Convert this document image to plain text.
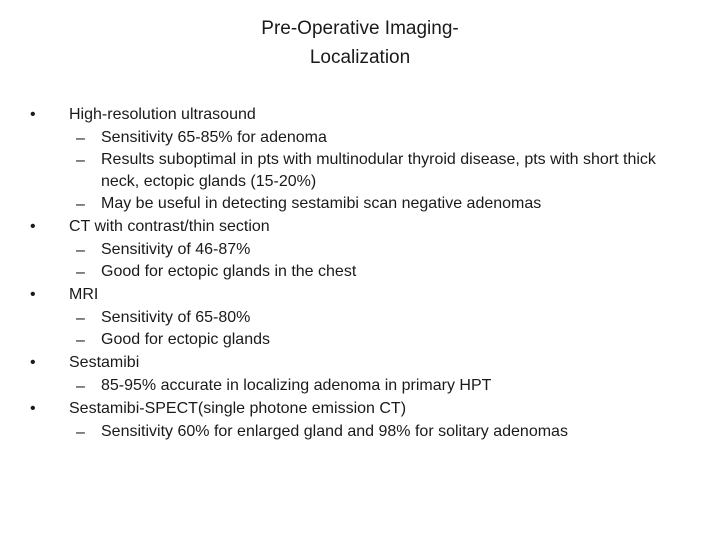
Pre-Operative Imaging-
Localization
•	High-resolution ultrasound
–	Sensitivity 65-85% for adenoma
–	Results suboptimal in pts with multinodular thyroid disease, pts with short thick neck, ectopic glands (15-20%)
–	May be useful in detecting sestamibi scan negative adenomas
•	CT with contrast/thin section
–	Sensitivity of 46-87%
–	Good for ectopic glands in the chest
•	MRI
–	Sensitivity of 65-80%
–	Good for ectopic glands
•	Sestamibi
–	85-95% accurate in localizing adenoma in primary HPT
•	Sestamibi-SPECT(single photone emission CT)
–	Sensitivity 60% for enlarged gland and 98% for solitary adenomas
